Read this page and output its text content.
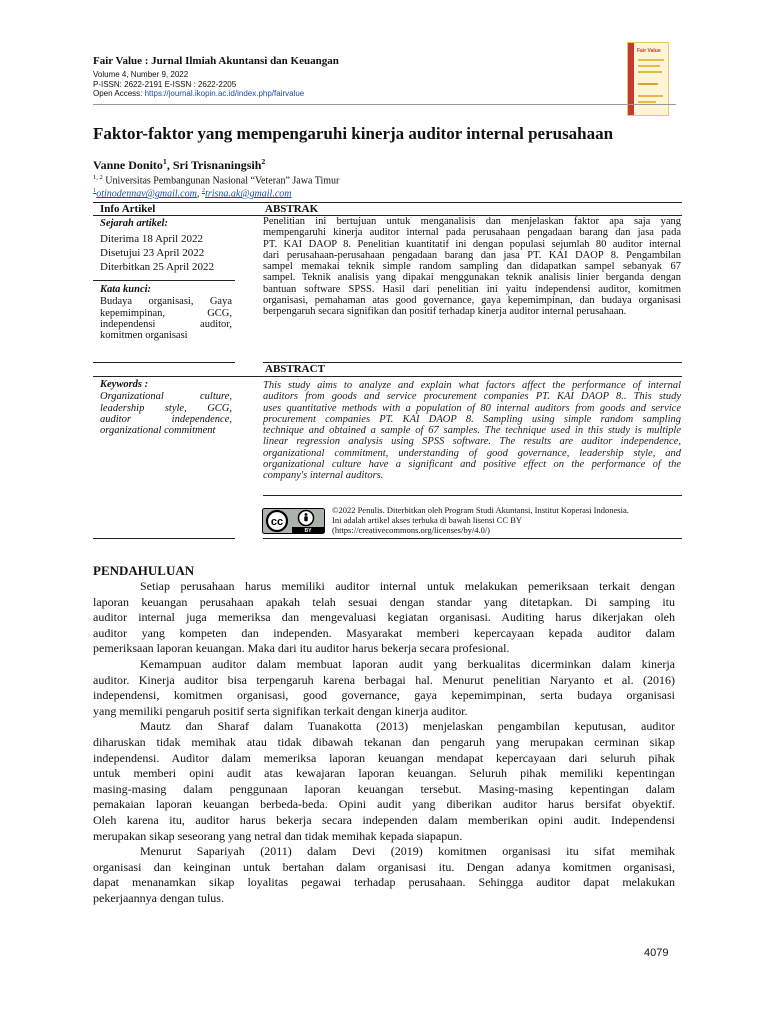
Fair Value : Jurnal Ilmiah Akuntansi dan Keuangan
Volume 4, Number 9, 2022
P-ISSN: 2622-2191 E-ISSN : 2622-2205
Open Access: https://journal.ikopin.ac.id/index.php/fairvalue
Fair Value
Faktor-faktor yang mempengaruhi kinerja auditor internal perusahaan
Vanne Donito$^1$, Sri Trisnaningsih$^2$
$^{1, 2}$ Universitas Pembangunan Nasional “Veteran” Jawa Timur
$^1$otinodennav@gmail.com, $^2$trisna.ak@gmail.com
Info Artikel	ABSTRAK
Sejarah artikel:
Diterima 18 April 2022
Disetujui 23 April 2022
Diterbitkan 25 April 2022
Kata kunci:
Budaya organisasi, Gaya
kepemimpinan, GCG,
independensi auditor,
komitmen organisasi
Keywords :
Organizational culture,
leadership style, GCG,
auditor independence,
organizational commitment
Penelitian ini bertujuan untuk menganalisis dan menjelaskan faktor apa saja yang
mempengaruhi kinerja auditor internal pada perusahaan pengadaan barang dan jasa pada
PT. KAI DAOP 8. Penelitian kuantitatif ini dengan populasi sejumlah 80 auditor internal
dari perusahaan-perusahaan pengadaan barang dan jasa PT. KAI DAOP 8. Pengambilan
sampel memakai teknik simple random sampling dan didapatkan sampel sebanyak 67
sampel. Teknik analisis yang dipakai menggunakan teknik analisis linier berganda dengan
bantuan software SPSS. Hasil dari penelitian ini yaitu independensi auditor, komitmen
organisasi, pemahaman atas good governance, gaya kepemimpinan, dan budaya organisasi
berpengaruh secara signifikan dan positif terhadap kinerja auditor internal perusahaan.
ABSTRACT
This study aims to analyze and explain what factors affect the performance of internal
auditors from goods and service procurement companies PT. KAI DAOP 8.. This study
uses quantitative methods with a population of 80 internal auditors from goods and service
procurement companies PT. KAI DAOP 8. Sampling using simple random sampling
technique and obtained a sample of 67 samples. The technique used in this study is multiple
linear regression analysis using SPSS software. The results are auditor independence,
organizational commitment, understanding of good governance, leadership style, and
organizational culture have a significant and positive effect on the performance of the
company's internal auditors.
cc
BY
©2022 Penulis. Diterbitkan oleh Program Studi Akuntansi, Institut Koperasi Indonesia.
Ini adalah artikel akses terbuka di bawah lisensi CC BY
(https://creativecommons.org/licenses/by/4.0/)
PENDAHULUAN
Setiap perusahaan harus memiliki auditor internal untuk melakukan pemeriksaan terkait dengan
laporan keuangan perusahaan apakah telah sesuai dengan standar yang ditetapkan. Di samping itu
auditor internal juga memeriksa dan mengevaluasi kegiatan organisasi. Auditing harus dikerjakan oleh
auditor yang kompeten dan independen. Masyarakat memberi kepercayaan kepada auditor dalam
pemeriksaan laporan keuangan. Maka dari itu auditor harus bekerja secara profesional.
Kemampuan auditor dalam membuat laporan audit yang berkualitas dicerminkan dalam kinerja
auditor. Kinerja auditor bisa terpengaruh karena berbagai hal. Menurut penelitian Naryanto et al. (2016)
independensi, komitmen organisasi, good governance, gaya kepemimpinan, serta budaya organisasi
yang memiliki pengaruh positif serta signifikan terkait dengan kinerja auditor.
Mautz dan Sharaf dalam Tuanakotta (2013) menjelaskan pengambilan keputusan, auditor
diharuskan tidak memihak atau tidak dibawah tekanan dan pengaruh yang merupakan cerminan sikap
independensi. Auditor dalam memeriksa laporan keuangan mendapat kepercayaan dari seluruh pihak
untuk memberi opini audit atas kewajaran laporan keuangan. Seluruh pihak memiliki kepentingan
masing-masing dalam penggunaan laporan keuangan tersebut. Masing-masing kepentingan dalam
pemakaian laporan keuangan berbeda-beda. Opini audit yang diberikan auditor harus bersifat obyektif.
Oleh karena itu, auditor harus bekerja secara independen dalam memberikan opini audit. Independensi
merupakan sikap seseorang yang netral dan tidak memihak kepada siapapun.
Menurut Sapariyah (2011) dalam Devi (2019) komitmen organisasi itu sifat memihak
organisasi dan keinginan untuk bertahan dalam organisasi itu. Dengan adanya komitmen organisasi,
dapat menanamkan sikap loyalitas pegawai terhadap perusahaan. Sehingga auditor dapat melakukan
pekerjaannya dengan tulus.
4079
